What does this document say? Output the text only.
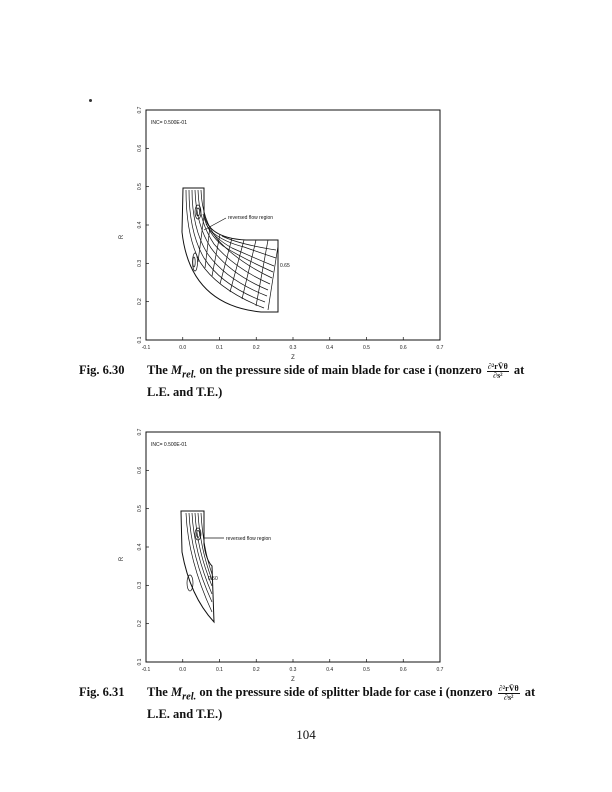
INC= 0.500E-01
-0.1	0.0	0.1	0.2	0.3	0.4	0.5	0.6	0.7
0.1
0.2
0.3
0.4
0.5
0.6
0.7
Z
R
reversed flow region
0.65
Fig. 6.30 The $M_{rel.}$ on the pressure side of main blade for case i (nonzero $\frac{\text{∂²rV̄θ}}{\text{∂s²}}$ at L.E. and T.E.)
INC= 0.500E-01
-0.1	0.0	0.1	0.2	0.3	0.4	0.5	0.6	0.7
0.1
0.2
0.3
0.4
0.5
0.6
0.7
Z
R
reversed flow region
0.50
Fig. 6.31 The $M_{rel.}$ on the pressure side of splitter blade for case i (nonzero $\frac{\text{∂²rV̄θ}}{\text{∂s²}}$ at L.E. and T.E.)
104
